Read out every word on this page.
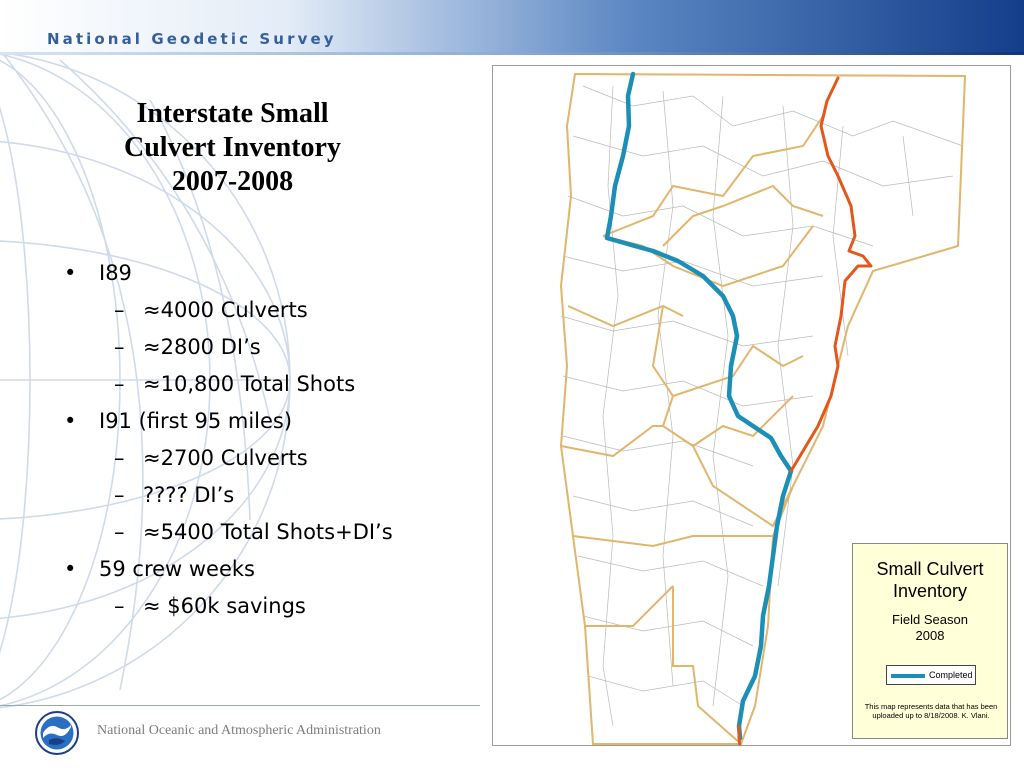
National Geodetic Survey
Interstate Small
Culvert Inventory
2007-2008
• I89
– ≈4000 Culverts
– ≈2800 DI’s
– ≈10,800 Total Shots
• I91 (first 95 miles)
– ≈2700 Culverts
– ???? DI’s
– ≈5400 Total Shots+DI’s
• 59 crew weeks
– ≈ $60k savings
Small Culvert
Inventory
Field Season
2008
Completed
This map represents data that has been uploaded up to 8/18/2008. K. Vlani.
National Oceanic and Atmospheric Administration
